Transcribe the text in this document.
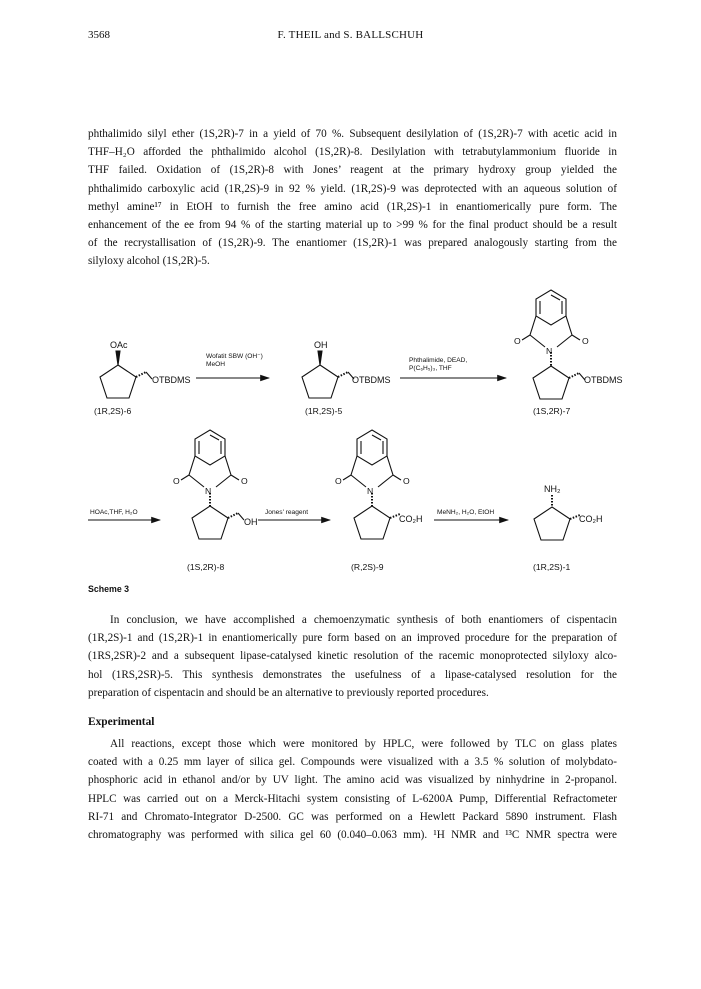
3568	F. THEIL and S. BALLSCHUH
phthalimido silyl ether (1S,2R)-7 in a yield of 70 %. Subsequent desilylation of (1S,2R)-7 with acetic acid in
THF–H₂O afforded the phthalimido alcohol (1S,2R)-8. Desilylation with tetrabutylammonium fluoride in
THF failed. Oxidation of (1S,2R)-8 with Jones’ reagent at the primary hydroxy group yielded the
phthalimido carboxylic acid (1R,2S)-9 in 92 % yield. (1R,2S)-9 was deprotected with an aqueous solution of
methyl amine¹⁷ in EtOH to furnish the free amino acid (1R,2S)-1 in enantiomerically pure form. The
enhancement of the ee from 94 % of the starting material up to >99 % for the final product should be a result
of the recrystallisation of (1S,2R)-9. The enantiomer (1S,2R)-1 was prepared analogously starting from the
silyloxy alcohol (1S,2R)-5.
OAc
OTBDMS
Wofatit SBW (OH⁻)
MeOH
(1R,2S)-6
OH
OTBDMS
Phthalimide, DEAD,
P(C₆H₅)₃, THF
(1R,2S)-5
O	O
N
OTBDMS
(1S,2R)-7
HOAc,THF, H₂O
O	O
N
OH
Jones' reagent
(1S,2R)-8
O	O
N
CO₂H
MeNH₂, H₂O, EtOH
(R,2S)-9
NH₂
CO₂H
(1R,2S)-1
Scheme 3
In conclusion, we have accomplished a chemoenzymatic synthesis of both enantiomers of cispentacin
(1R,2S)-1 and (1S,2R)-1 in enantiomerically pure form based on an improved procedure for the preparation of
(1RS,2SR)-2 and a subsequent lipase-catalysed kinetic resolution of the racemic monoprotected silyloxy alco-
hol (1RS,2SR)-5. This synthesis demonstrates the usefulness of a lipase-catalysed resolution for the
preparation of cispentacin and should be an alternative to previously reported procedures.
Experimental
All reactions, except those which were monitored by HPLC, were followed by TLC on glass plates
coated with a 0.25 mm layer of silica gel. Compounds were visualized with a 3.5 % solution of molybdato-
phosphoric acid in ethanol and/or by UV light. The amino acid was visualized by ninhydrine in 2-propanol.
HPLC was carried out on a Merck-Hitachi system consisting of L-6200A Pump, Differential Refractometer
RI-71 and Chromato-Integrator D-2500. GC was performed on a Hewlett Packard 5890 instrument. Flash
chromatography was performed with silica gel 60 (0.040–0.063 mm). ¹H NMR and ¹³C NMR spectra were
